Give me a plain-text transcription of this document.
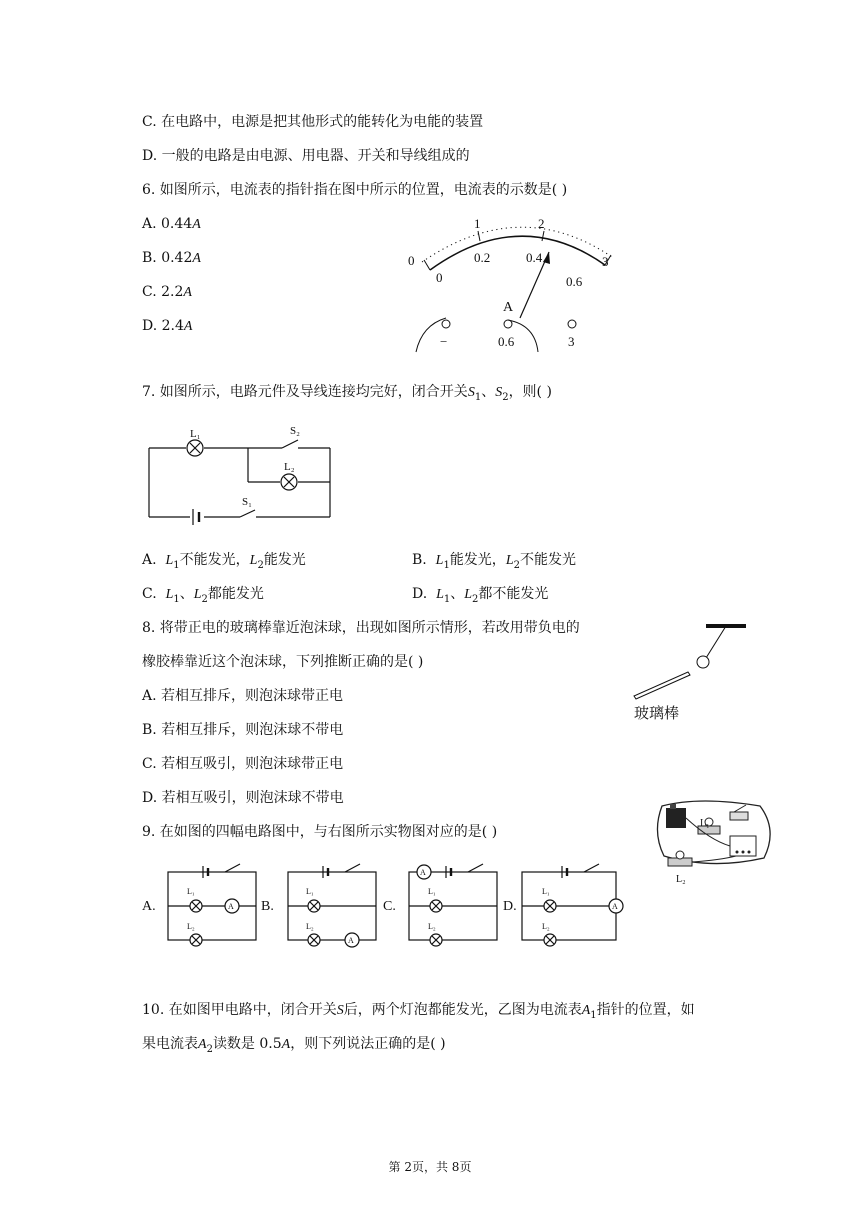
C. 在电路中，电源是把其他形式的能转化为电能的装置
D. 一般的电路是由电源、用电器、开关和导线组成的
6. 如图所示，电流表的指针指在图中所示的位置，电流表的示数是( )
A. 0.44A
B. 0.42A
C. 2.2A
D. 2.4A
0
1	2
3
0
0.2	0.4
0.6
A
−	0.6	3
7. 如图所示，电路元件及导线连接均完好，闭合开关$S_1$、$S_2$，则( )
L₁
L₂
S₂
S₁
A.  $L_1$不能发光，$L_2$能发光	B.  $L_1$能发光，$L_2$不能发光
C.  $L_1$、$L_2$都能发光	D.  $L_1$、$L_2$都不能发光
8. 将带正电的玻璃棒靠近泡沫球，出现如图所示情形，若改用带负电的
橡胶棒靠近这个泡沫球，下列推断正确的是( )
A. 若相互排斥，则泡沫球带正电
B. 若相互排斥，则泡沫球不带电
C. 若相互吸引，则泡沫球带正电
D. 若相互吸引，则泡沫球不带电
玻璃棒
9. 在如图的四幅电路图中，与右图所示实物图对应的是( )
A.	B.	C.	D.
A
A
A
A
L₁
L₂
L₁
L₂
L₁
L₂
L₁
L₂
L₁
L₂
10. 在如图甲电路中，闭合开关S后，两个灯泡都能发光，乙图为电流表$A_1$指针的位置，如
果电流表$A_2$读数是 0.5A，则下列说法正确的是( )
第 2页，共 8页
